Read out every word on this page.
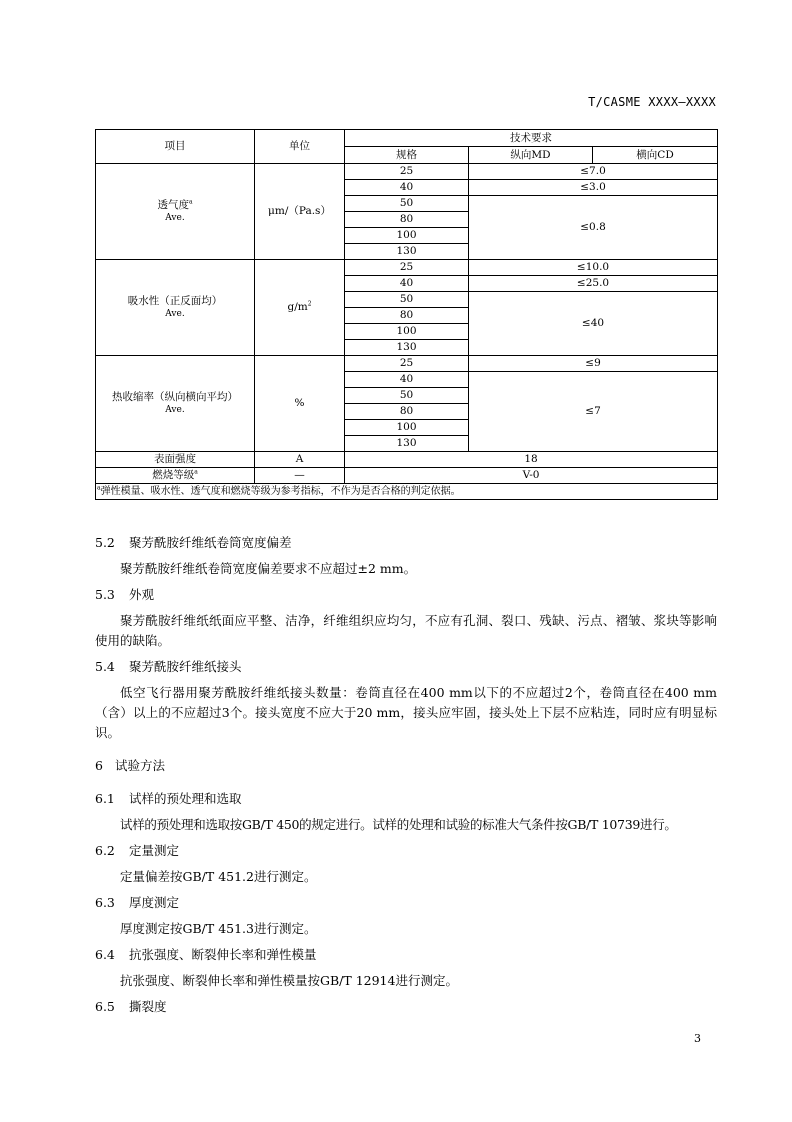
T/CASME XXXX—XXXX
项目	单位	技术要求		
		规格	纵向MD	横向CD
透气度$^a$
Ave.	μm/（Pa.s）	25	≤7.0	
		40	≤3.0	
		50	≤0.8	
		80		
		100		
		130		
吸水性（正反面均）
Ave.	$g/m^2$	25	≤10.0	
		40	≤25.0	
		50	≤40	
		80		
		100		
		130		
热收缩率（纵向横向平均）
Ave.	%	25	≤9	
		40	≤7	
		50		
		80		
		100		
		130		
表面强度	A	18		
燃烧等级$^a$	—	V-0		
$^a$弹性模量、吸水性、透气度和燃烧等级为参考指标，不作为是否合格的判定依据。				

5.2 聚芳酰胺纤维纸卷筒宽度偏差

聚芳酰胺纤维纸卷筒宽度偏差要求不应超过±2 mm。

5.3 外观

聚芳酰胺纤维纸纸面应平整、洁净，纤维组织应均匀，不应有孔洞、裂口、残缺、污点、褶皱、浆块等影响使用的缺陷。

5.4 聚芳酰胺纤维纸接头

低空飞行器用聚芳酰胺纤维纸接头数量：卷筒直径在400 mm以下的不应超过2个，卷筒直径在400 mm（含）以上的不应超过3个。接头宽度不应大于20 mm，接头应牢固，接头处上下层不应粘连，同时应有明显标识。

6 试验方法

6.1 试样的预处理和选取

试样的预处理和选取按GB/T 450的规定进行。试样的处理和试验的标准大气条件按GB/T 10739进行。

6.2 定量测定

定量偏差按GB/T 451.2进行测定。

6.3 厚度测定

厚度测定按GB/T 451.3进行测定。

6.4 抗张强度、断裂伸长率和弹性模量

抗张强度、断裂伸长率和弹性模量按GB/T 12914进行测定。

6.5 撕裂度

3
